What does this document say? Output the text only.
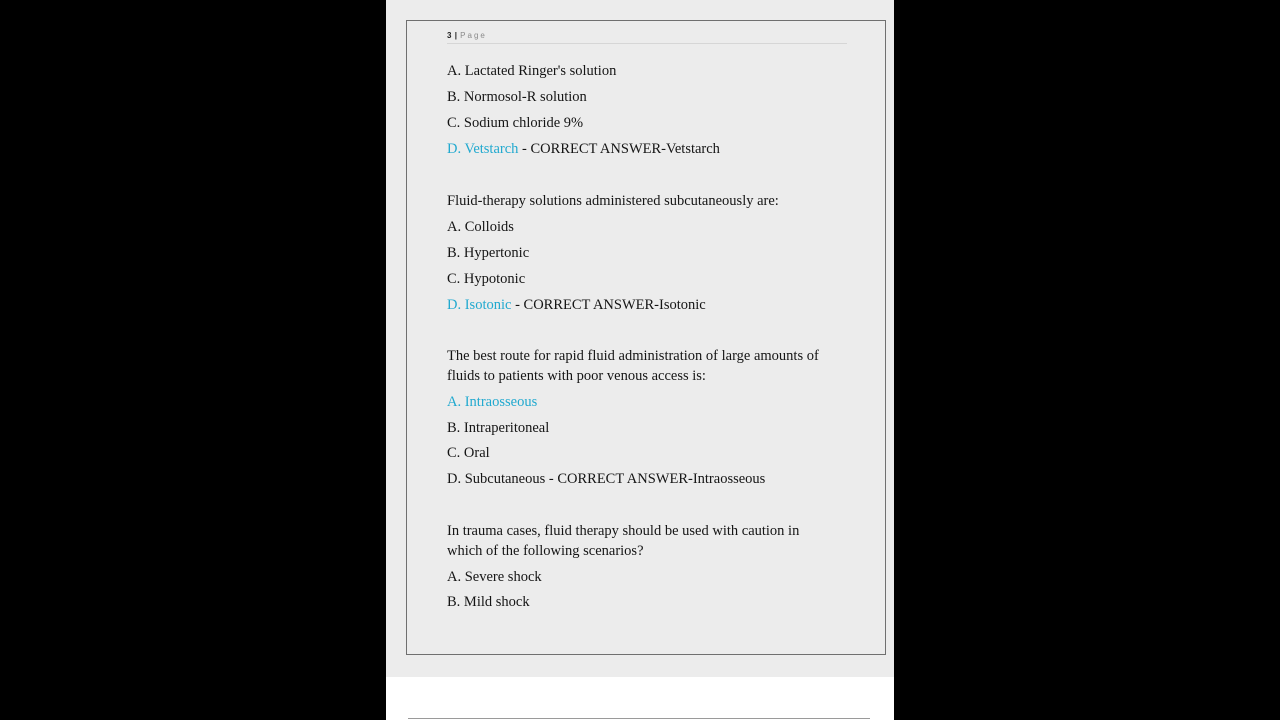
3 | Page
A. Lactated Ringer's solution
B. Normosol-R solution
C. Sodium chloride 9%
D. Vetstarch - CORRECT ANSWER-Vetstarch
Fluid-therapy solutions administered subcutaneously are:
A. Colloids
B. Hypertonic
C. Hypotonic
D. Isotonic - CORRECT ANSWER-Isotonic
The best route for rapid fluid administration of large amounts of
fluids to patients with poor venous access is:
A. Intraosseous
B. Intraperitoneal
C. Oral
D. Subcutaneous - CORRECT ANSWER-Intraosseous
In trauma cases, fluid therapy should be used with caution in
which of the following scenarios?
A. Severe shock
B. Mild shock
